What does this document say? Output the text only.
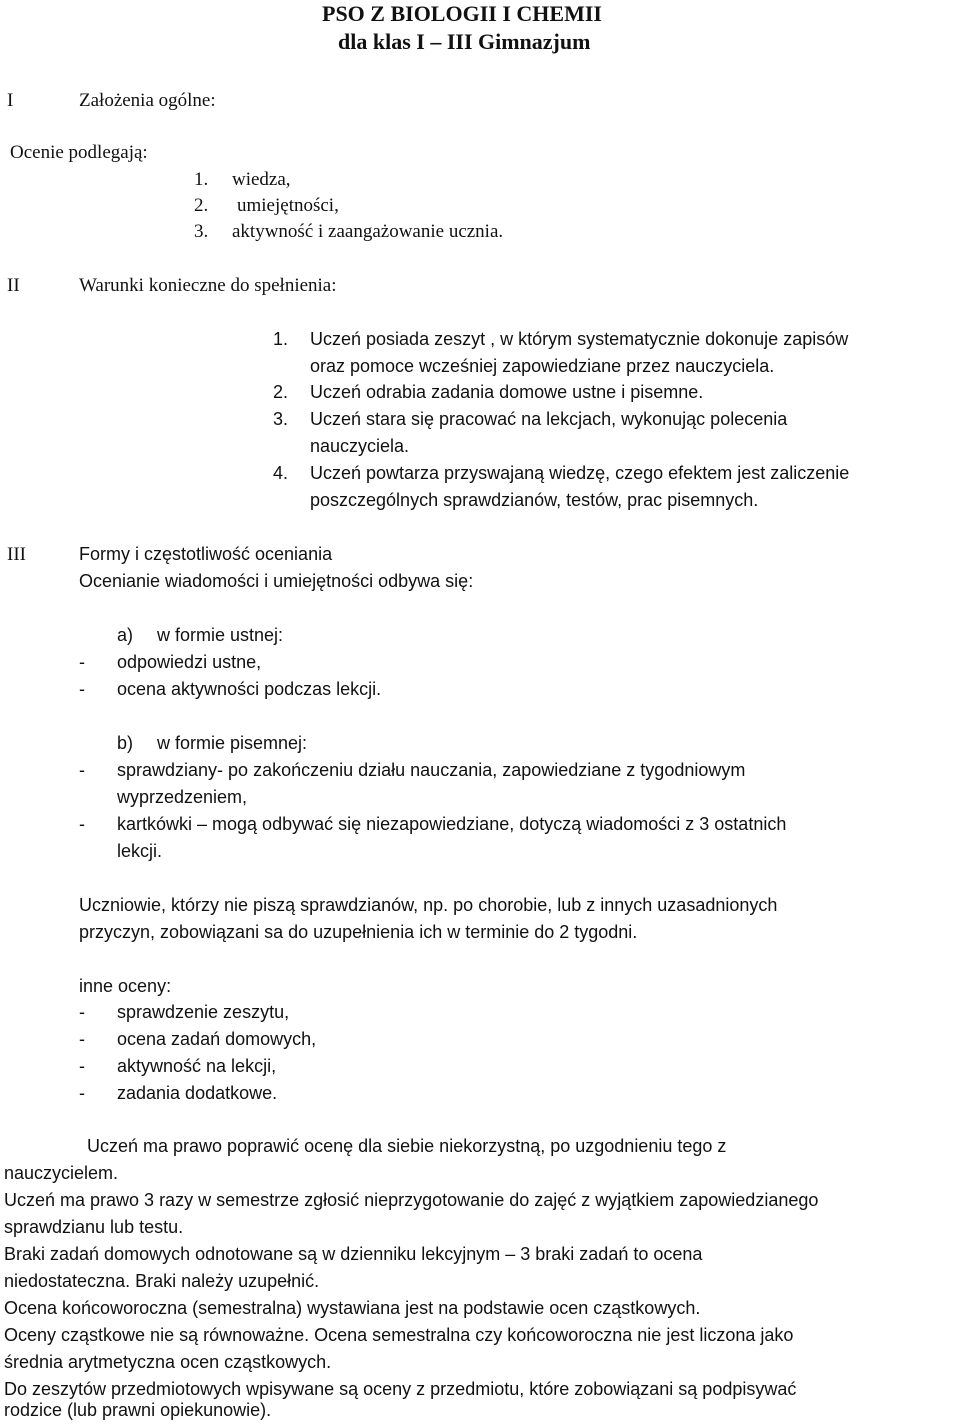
PSO Z BIOLOGII I CHEMII
dla klas I – III Gimnazjum
I	Założenia ogólne:
Ocenie podlegają:
1. wiedza,
2. umiejętności,
3. aktywność i zaangażowanie ucznia.
II	Warunki konieczne do spełnienia:
1. Uczeń posiada zeszyt , w którym systematycznie dokonuje zapisów
oraz pomoce wcześniej zapowiedziane przez nauczyciela.
2. Uczeń odrabia zadania domowe ustne i pisemne.
3. Uczeń stara się pracować na lekcjach, wykonując polecenia
nauczyciela.
4. Uczeń powtarza przyswajaną wiedzę, czego efektem jest zaliczenie
poszczególnych sprawdzianów, testów, prac pisemnych.
III	Formy i częstotliwość oceniania
Ocenianie wiadomości i umiejętności odbywa się:
a) w formie ustnej:
- odpowiedzi ustne,
- ocena aktywności podczas lekcji.
b) w formie pisemnej:
- sprawdziany- po zakończeniu działu nauczania, zapowiedziane z tygodniowym
wyprzedzeniem,
- kartkówki – mogą odbywać się niezapowiedziane, dotyczą wiadomości z 3 ostatnich
lekcji.
Uczniowie, którzy nie piszą sprawdzianów, np. po chorobie, lub z innych uzasadnionych
przyczyn, zobowiązani sa do uzupełnienia ich w terminie do 2 tygodni.
inne oceny:
- sprawdzenie zeszytu,
- ocena zadań domowych,
- aktywność na lekcji,
- zadania dodatkowe.
Uczeń ma prawo poprawić ocenę dla siebie niekorzystną, po uzgodnieniu tego z
nauczycielem.
Uczeń ma prawo 3 razy w semestrze zgłosić nieprzygotowanie do zajęć z wyjątkiem zapowiedzianego
sprawdzianu lub testu.
Braki zadań domowych odnotowane są w dzienniku lekcyjnym – 3 braki zadań to ocena
niedostateczna. Braki należy uzupełnić.
Ocena końcoworoczna (semestralna) wystawiana jest na podstawie ocen cząstkowych.
Oceny cząstkowe nie są równoważne. Ocena semestralna czy końcoworoczna nie jest liczona jako
średnia arytmetyczna ocen cząstkowych.
Do zeszytów przedmiotowych wpisywane są oceny z przedmiotu, które zobowiązani są podpisywać
rodzice (lub prawni opiekunowie).
